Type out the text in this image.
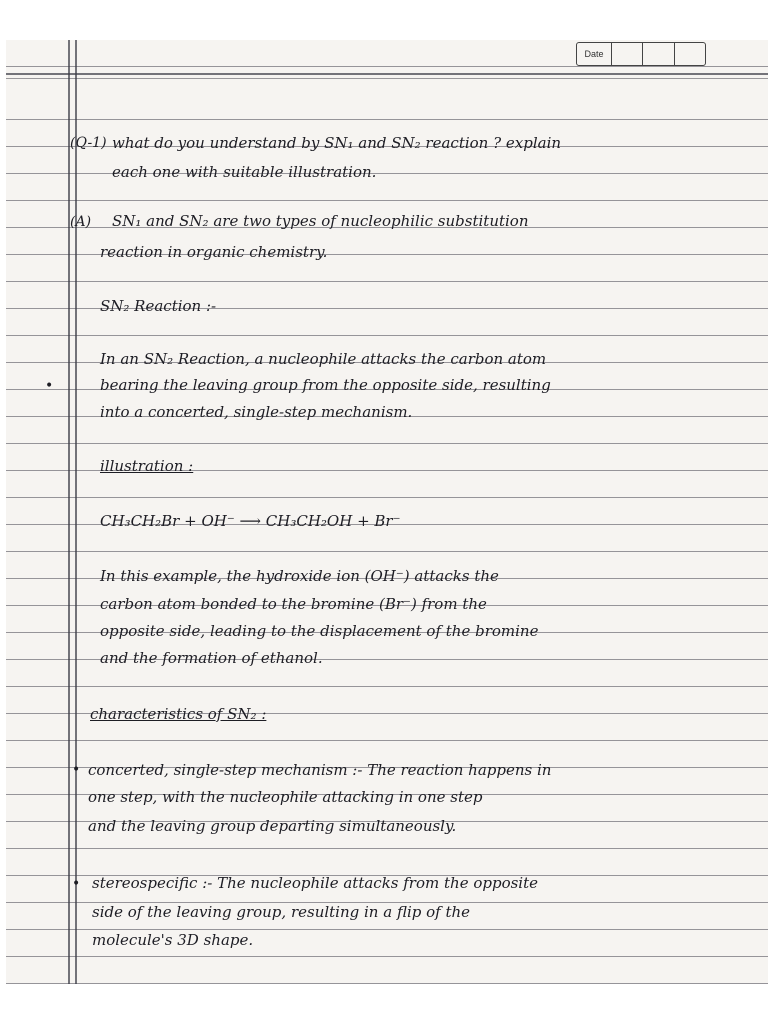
Date
(Q-1) what do you understand by SN₁ and SN₂ reaction ? explain
each one with suitable illustration.
(A) SN₁ and SN₂ are two types of nucleophilic substitution
reaction in organic chemistry.
SN₂ Reaction :-
•
In an SN₂ Reaction, a nucleophile attacks the carbon atom
bearing the leaving group from the opposite side, resulting
into a concerted, single-step mechanism.
illustration :
CH₃CH₂Br + OH⁻ ⟶ CH₃CH₂OH + Br⁻
In this example, the hydroxide ion (OH⁻) attacks the
carbon atom bonded to the bromine (Br⁻) from the
opposite side, leading to the displacement of the bromine
and the formation of ethanol.
characteristics of SN₂ :
• concerted, single-step mechanism :- The reaction happens in
one step, with the nucleophile attacking in one step
and the leaving group departing simultaneously.
• stereospecific :- The nucleophile attacks from the opposite
side of the leaving group, resulting in a flip of the
molecule's 3D shape.
